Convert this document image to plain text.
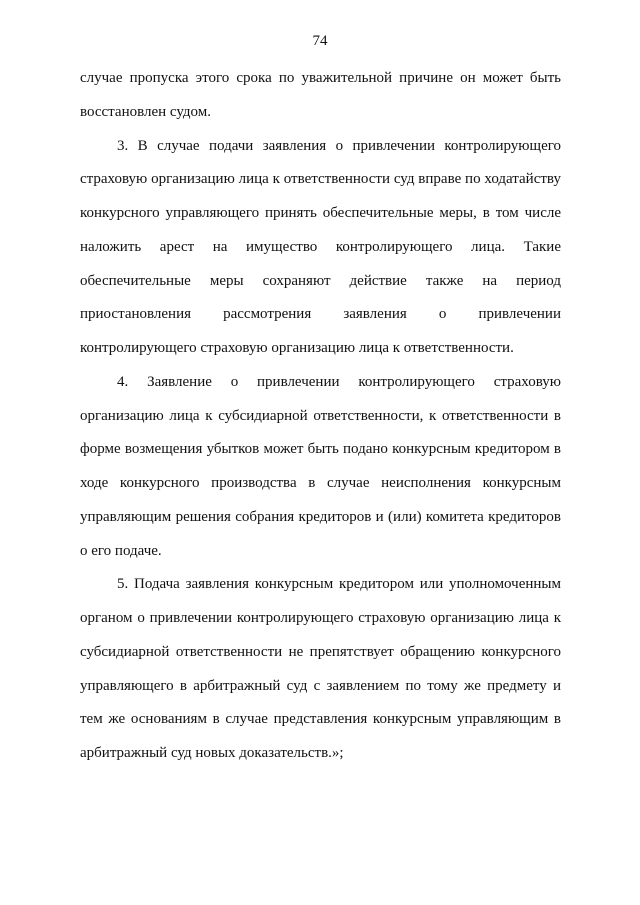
74

случае пропуска этого срока по уважительной причине он может быть восстановлен судом.

3. В случае подачи заявления о привлечении контролирующего страховую организацию лица к ответственности суд вправе по ходатайству конкурсного управляющего принять обеспечительные меры, в том числе наложить арест на имущество контролирующего лица. Такие обеспечительные меры сохраняют действие также на период приостановления рассмотрения заявления о привлечении контролирующего страховую организацию лица к ответственности.

4. Заявление о привлечении контролирующего страховую организацию лица к субсидиарной ответственности, к ответственности в форме возмещения убытков может быть подано конкурсным кредитором в ходе конкурсного производства в случае неисполнения конкурсным управляющим решения собрания кредиторов и (или) комитета кредиторов о его подаче.

5. Подача заявления конкурсным кредитором или уполномоченным органом о привлечении контролирующего страховую организацию лица к субсидиарной ответственности не препятствует обращению конкурсного управляющего в арбитражный суд с заявлением по тому же предмету и тем же основаниям в случае представления конкурсным управляющим в арбитражный суд новых доказательств.»;
